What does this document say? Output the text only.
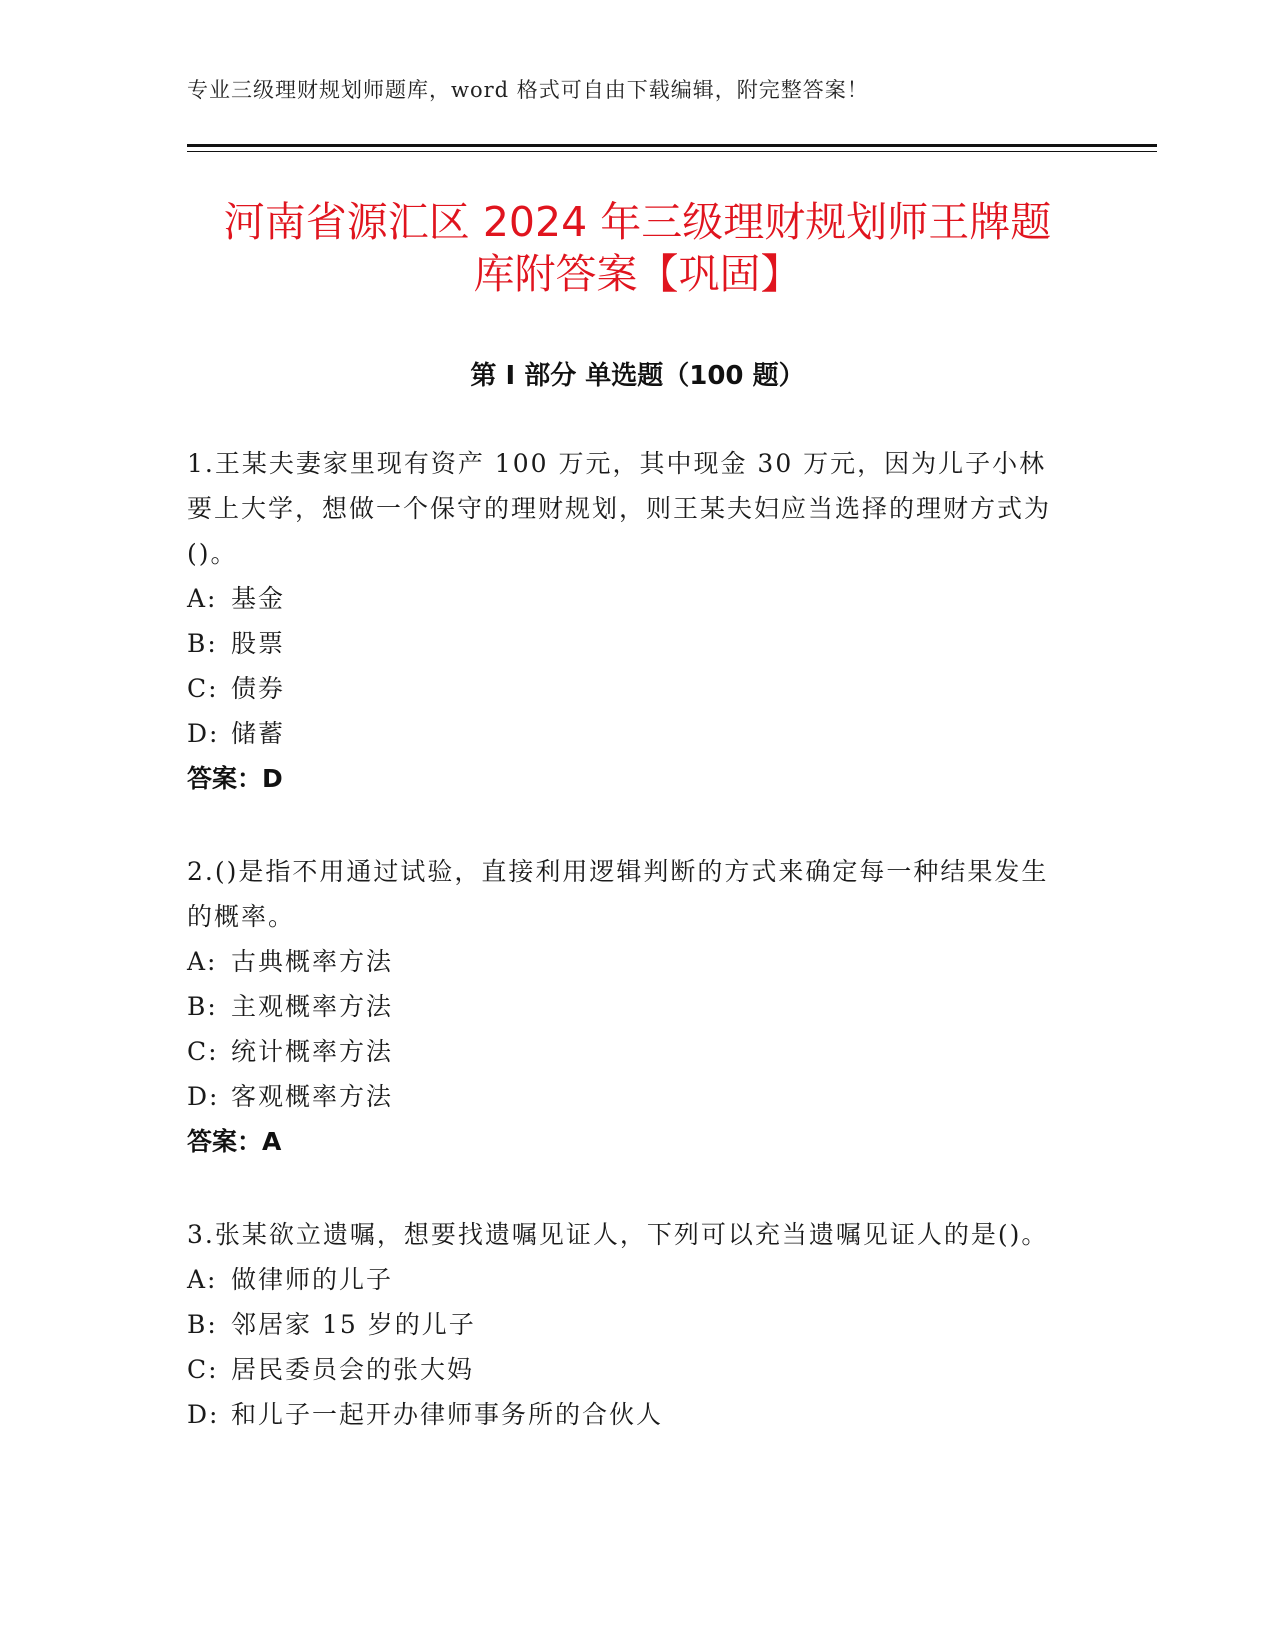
专业三级理财规划师题库，word 格式可自由下载编辑，附完整答案！
河南省源汇区 2024 年三级理财规划师王牌题
库附答案【巩固】
第 I 部分 单选题（100 题）

1.王某夫妻家里现有资产 100 万元，其中现金 30 万元，因为儿子小林要上大学，想做一个保守的理财规划，则王某夫妇应当选择的理财方式为()。

A: 基金
B: 股票
C: 债券
D: 储蓄
答案：D

2.()是指不用通过试验，直接利用逻辑判断的方式来确定每一种结果发生的概率。

A: 古典概率方法
B: 主观概率方法
C: 统计概率方法
D: 客观概率方法
答案：A

3.张某欲立遗嘱，想要找遗嘱见证人，下列可以充当遗嘱见证人的是()。

A: 做律师的儿子
B: 邻居家 15 岁的儿子
C: 居民委员会的张大妈
D: 和儿子一起开办律师事务所的合伙人
